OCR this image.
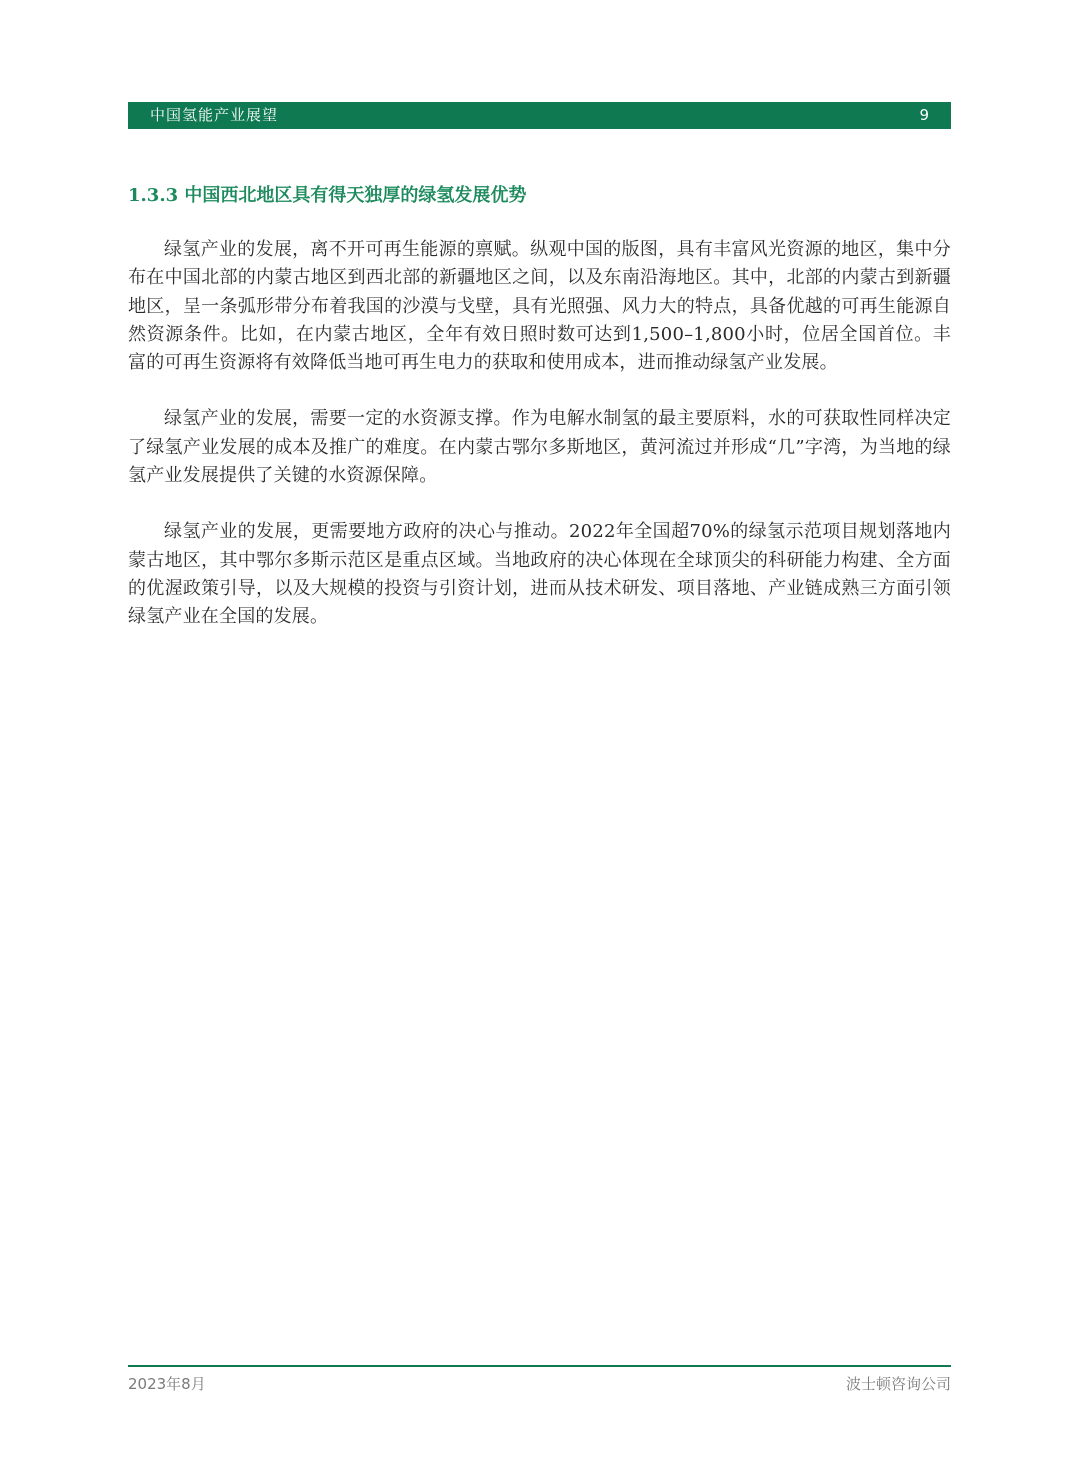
中国氢能产业展望	9
1.3.3 中国西北地区具有得天独厚的绿氢发展优势

绿氢产业的发展，离不开可再生能源的禀赋。纵观中国的版图，具有丰富风光资源的地区，集中分布在中国北部的内蒙古地区到西北部的新疆地区之间，以及东南沿海地区。其中，北部的内蒙古到新疆地区，呈一条弧形带分布着我国的沙漠与戈壁，具有光照强、风力大的特点，具备优越的可再生能源自然资源条件。比如，在内蒙古地区，全年有效日照时数可达到1,500–1,800小时，位居全国首位。丰富的可再生资源将有效降低当地可再生电力的获取和使用成本，进而推动绿氢产业发展。

绿氢产业的发展，需要一定的水资源支撑。作为电解水制氢的最主要原料，水的可获取性同样决定了绿氢产业发展的成本及推广的难度。在内蒙古鄂尔多斯地区，黄河流过并形成“几”字湾，为当地的绿氢产业发展提供了关键的水资源保障。

绿氢产业的发展，更需要地方政府的决心与推动。2022年全国超70%的绿氢示范项目规划落地内蒙古地区，其中鄂尔多斯示范区是重点区域。当地政府的决心体现在全球顶尖的科研能力构建、全方面的优渥政策引导，以及大规模的投资与引资计划，进而从技术研发、项目落地、产业链成熟三方面引领绿氢产业在全国的发展。

2023年8月	波士顿咨询公司
